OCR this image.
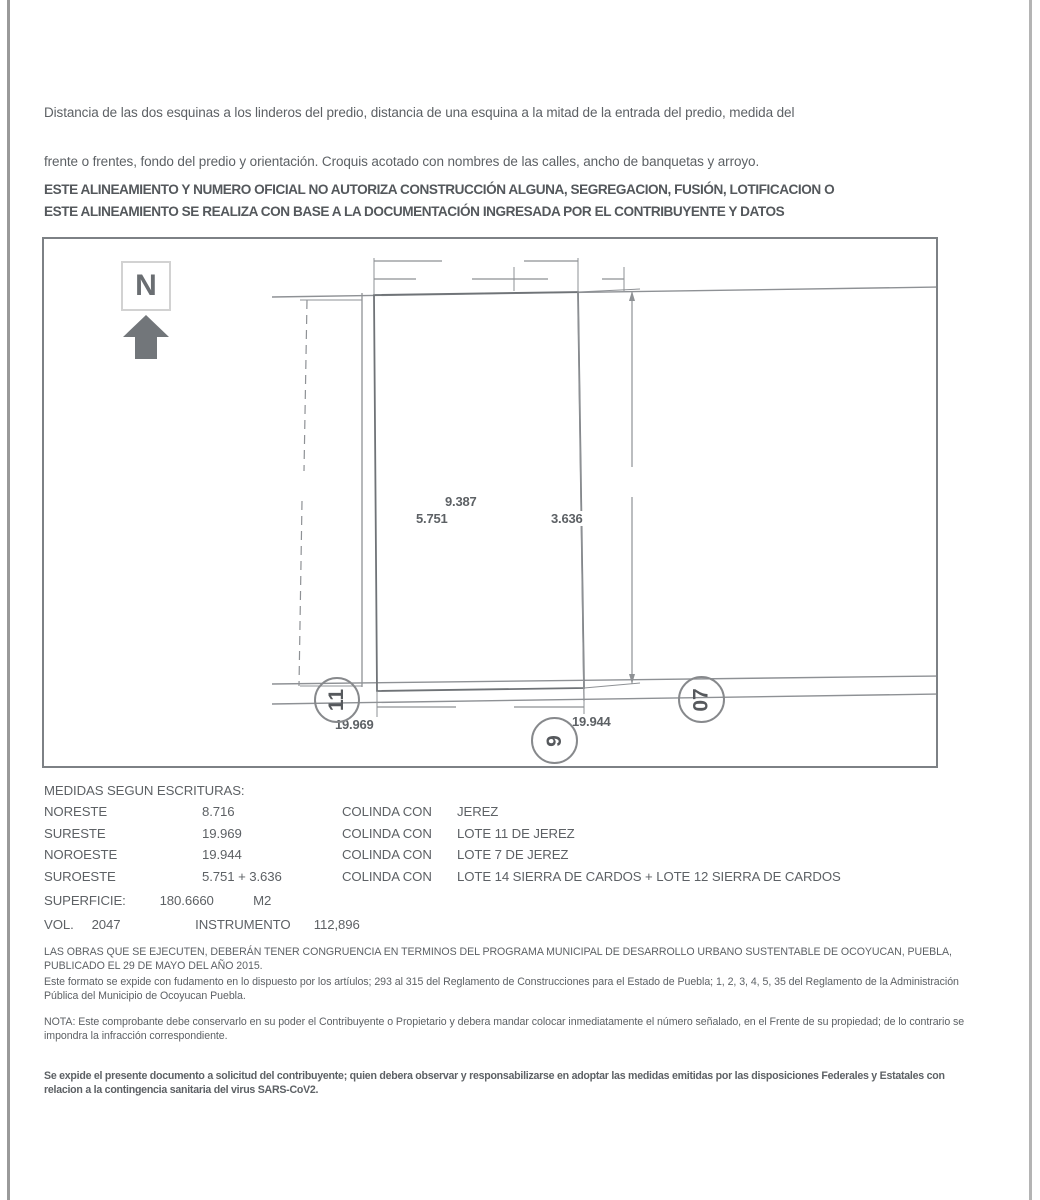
Distancia de las dos esquinas a los linderos del predio, distancia de una esquina a la mitad de la entrada del predio, medida del
frente o frentes, fondo del predio y orientación. Croquis acotado con nombres de las calles, ancho de banquetas y arroyo.
ESTE ALINEAMIENTO Y NUMERO OFICIAL NO AUTORIZA CONSTRUCCIÓN ALGUNA, SEGREGACION, FUSIÓN, LOTIFICACION O
ESTE ALINEAMIENTO SE REALIZA CON BASE A LA DOCUMENTACIÓN INGRESADA POR EL CONTRIBUYENTE Y DATOS
N
9.387
5.751	3.636
19.969	19.944
11
9
07
MEDIDAS SEGUN ESCRITURAS:
NORESTE	8.716	COLINDA CON	JEREZ
SURESTE	19.969	COLINDA CON	LOTE 11 DE JEREZ
NOROESTE	19.944	COLINDA CON	LOTE 7 DE JEREZ
SUROESTE	5.751 + 3.636	COLINDA CON	LOTE 14 SIERRA DE CARDOS + LOTE 12 SIERRA DE CARDOS
SUPERFICIE:	180.6660	M2
VOL. 2047	INSTRUMENTO 112,896
LAS OBRAS QUE SE EJECUTEN, DEBERÁN TENER CONGRUENCIA EN TERMINOS DEL PROGRAMA MUNICIPAL DE DESARROLLO URBANO SUSTENTABLE DE OCOYUCAN, PUEBLA, PUBLICADO EL 29 DE MAYO DEL AÑO 2015.
Este formato se expide con fudamento en lo dispuesto por los artíulos; 293 al 315 del Reglamento de Construcciones para el Estado de Puebla; 1, 2, 3, 4, 5, 35 del Reglamento de la Administración Pública del Municipio de Ocoyucan Puebla.
NOTA: Este comprobante debe conservarlo en su poder el Contribuyente o Propietario y debera mandar colocar inmediatamente el número señalado, en el Frente de su propiedad; de lo contrario se impondra la infracción correspondiente.
Se expide el presente documento a solicitud del contribuyente; quien debera observar y responsabilizarse en adoptar las medidas emitidas por las disposiciones Federales y Estatales con relacion a la contingencia sanitaria del virus SARS-CoV2.
